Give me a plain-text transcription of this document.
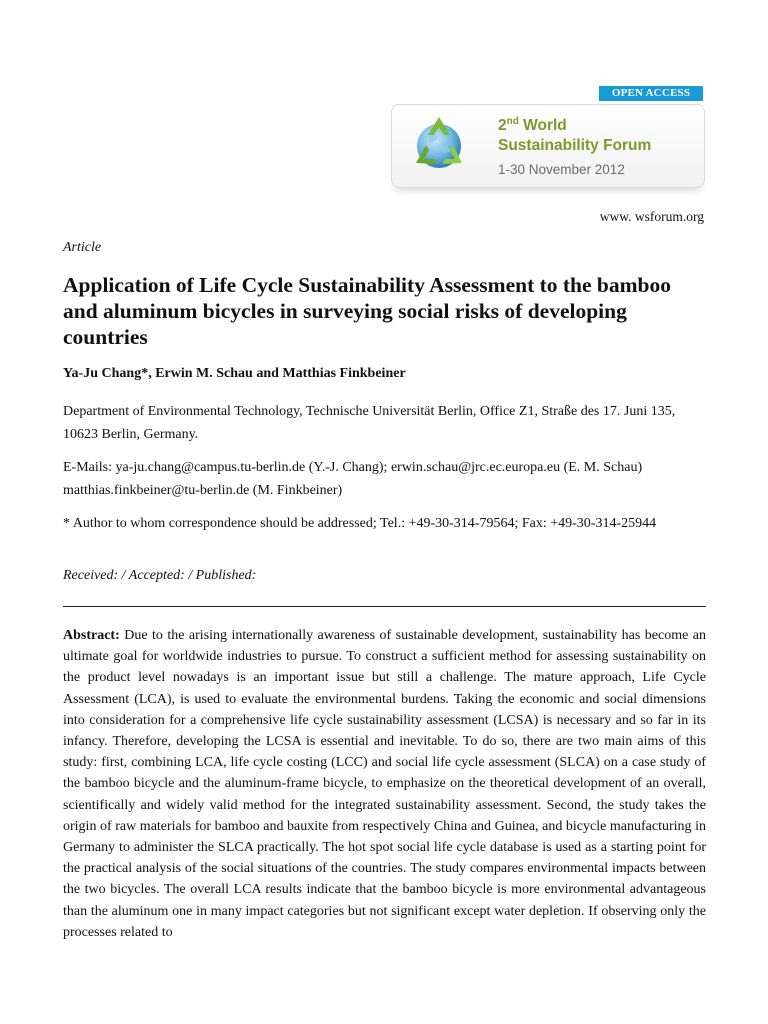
OPEN ACCESS
2nd World
Sustainability Forum
1-30 November 2012
www. wsforum.org
Article
Application of Life Cycle Sustainability Assessment to the bamboo and aluminum bicycles in surveying social risks of developing countries
Ya-Ju Chang*, Erwin M. Schau and Matthias Finkbeiner

Department of Environmental Technology, Technische Universität Berlin, Office Z1, Straße des 17. Juni 135, 10623 Berlin, Germany.

E-Mails: ya-ju.chang@campus.tu-berlin.de (Y.-J. Chang); erwin.schau@jrc.ec.europa.eu (E. M. Schau) matthias.finkbeiner@tu-berlin.de (M. Finkbeiner)

* Author to whom correspondence should be addressed; Tel.: +49-30-314-79564; Fax: +49-30-314-25944

Received: / Accepted: / Published:

Abstract: Due to the arising internationally awareness of sustainable development, sustainability has become an ultimate goal for worldwide industries to pursue. To construct a sufficient method for assessing sustainability on the product level nowadays is an important issue but still a challenge. The mature approach, Life Cycle Assessment (LCA), is used to evaluate the environmental burdens. Taking the economic and social dimensions into consideration for a comprehensive life cycle sustainability assessment (LCSA) is necessary and so far in its infancy. Therefore, developing the LCSA is essential and inevitable. To do so, there are two main aims of this study: first, combining LCA, life cycle costing (LCC) and social life cycle assessment (SLCA) on a case study of the bamboo bicycle and the aluminum-frame bicycle, to emphasize on the theoretical development of an overall, scientifically and widely valid method for the integrated sustainability assessment. Second, the study takes the origin of raw materials for bamboo and bauxite from respectively China and Guinea, and bicycle manufacturing in Germany to administer the SLCA practically. The hot spot social life cycle database is used as a starting point for the practical analysis of the social situations of the countries. The study compares environmental impacts between the two bicycles. The overall LCA results indicate that the bamboo bicycle is more environmental advantageous than the aluminum one in many impact categories but not significant except water depletion. If observing only the processes related to
